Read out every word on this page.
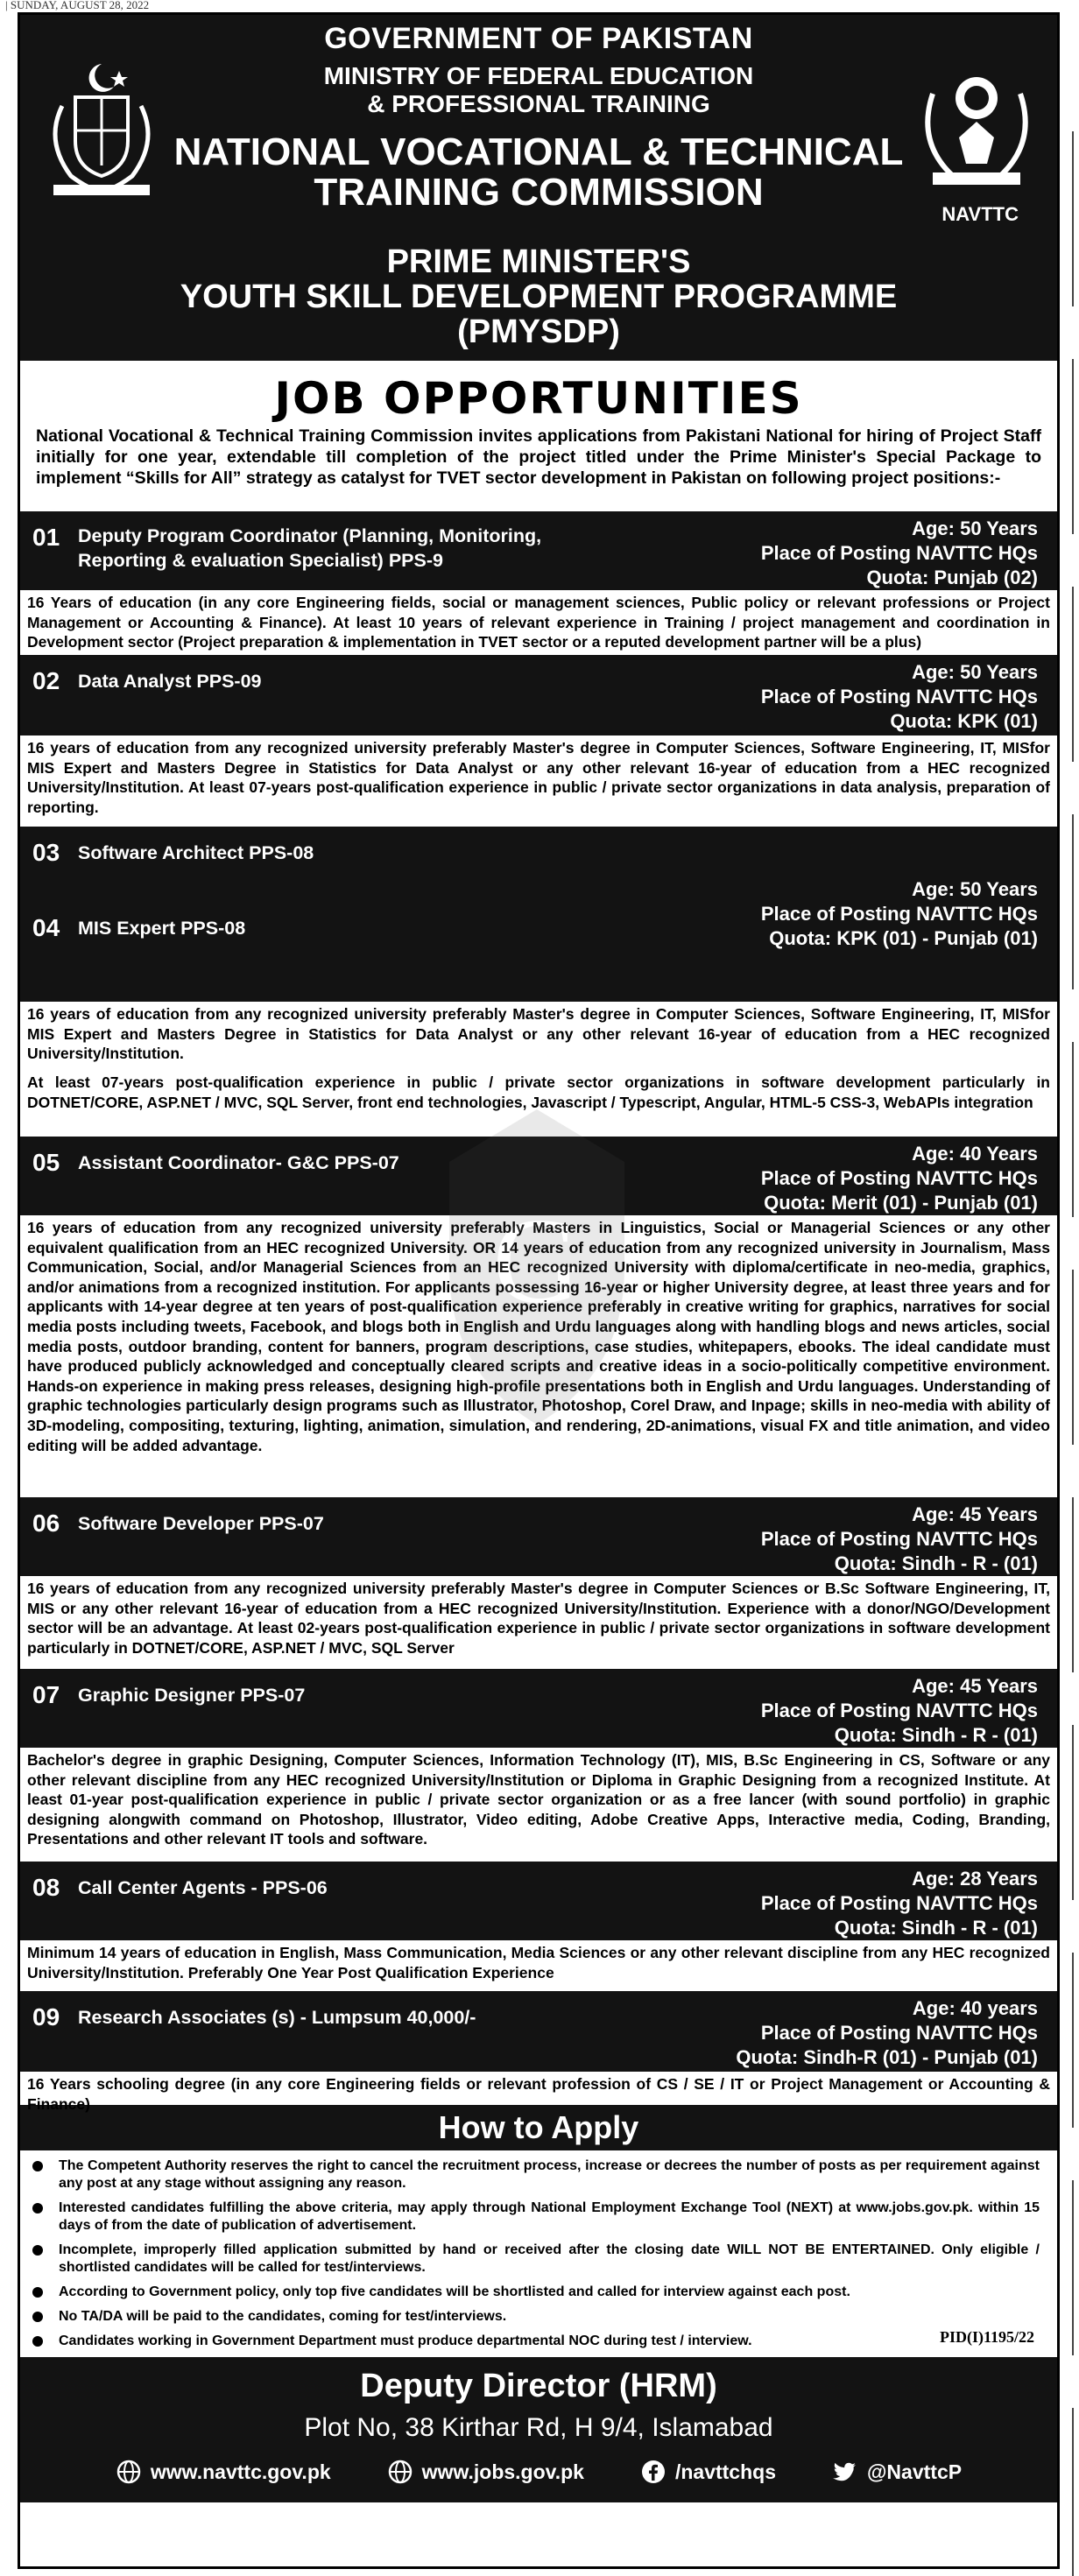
| SUNDAY, AUGUST 28, 2022
GOVERNMENT OF PAKISTAN
MINISTRY OF FEDERAL EDUCATION
& PROFESSIONAL TRAINING
NATIONAL VOCATIONAL & TECHNICAL
TRAINING COMMISSION
PRIME MINISTER'S
YOUTH SKILL DEVELOPMENT PROGRAMME
(PMYSDP)
NAVTTC
JOB OPPORTUNITIES
National Vocational & Technical Training Commission invites applications from Pakistani National for hiring of Project Staff initially for one year, extendable till completion of the project titled under the Prime Minister's Special Package to implement “Skills for All” strategy as catalyst for TVET sector development in Pakistan on following project positions:-
01 Deputy Program Coordinator (Planning, Monitoring,
Reporting & evaluation Specialist) PPS-9
Age: 50 Years
Place of Posting NAVTTC HQs
Quota: Punjab (02)
16 Years of education (in any core Engineering fields, social or management sciences, Public policy or relevant professions or Project Management or Accounting & Finance). At least 10 years of relevant experience in Training / project management and coordination in Development sector (Project preparation & implementation in TVET sector or a reputed development partner will be a plus)
02 Data Analyst PPS-09	Age: 50 Years
Place of Posting NAVTTC HQs
Quota: KPK (01)
16 years of education from any recognized university preferably Master's degree in Computer Sciences, Software Engineering, IT, MISfor MIS Expert and Masters Degree in Statistics for Data Analyst or any other relevant 16-year of education from a HEC recognized University/Institution. At least 07-years post-qualification experience in public / private sector organizations in data analysis, preparation of reporting.
03 Software Architect PPS-08
04 MIS Expert PPS-08
Age: 50 Years
Place of Posting NAVTTC HQs
Quota: KPK (01) - Punjab (01)
16 years of education from any recognized university preferably Master's degree in Computer Sciences, Software Engineering, IT, MISfor MIS Expert and Masters Degree in Statistics for Data Analyst or any other relevant 16-year of education from a HEC recognized University/Institution.
At least 07-years post-qualification experience in public / private sector organizations in software development particularly in DOTNET/CORE, ASP.NET / MVC, SQL Server, front end technologies, Javascript / Typescript, Angular, HTML-5 CSS-3, WebAPIs integration
05 Assistant Coordinator- G&C PPS-07	Age: 40 Years
Place of Posting NAVTTC HQs
Quota: Merit (01) - Punjab (01)
16 years of education from any recognized university preferably Masters in Linguistics, Social or Managerial Sciences or any other equivalent qualification from an HEC recognized University. OR 14 years of education from any recognized university in Journalism, Mass Communication, Social, and/or Managerial Sciences from an HEC recognized University with diploma/certificate in neo-media, graphics, and/or animations from a recognized institution. For applicants possessing 16-year or higher University degree, at least three years and for applicants with 14-year degree at ten years of post-qualification experience preferably in creative writing for graphics, narratives for social media posts including tweets, Facebook, and blogs both in English and Urdu languages along with handling blogs and news articles, social media posts, outdoor branding, content for banners, program descriptions, case studies, whitepapers, ebooks. The ideal candidate must have produced publicly acknowledged and conceptually cleared scripts and creative ideas in a socio-politically competitive environment. Hands-on experience in making press releases, designing high-profile presentations both in English and Urdu languages. Understanding of graphic technologies particularly design programs such as Illustrator, Photoshop, Corel Draw, and Inpage; skills in neo-media with ability of 3D-modeling, compositing, texturing, lighting, animation, simulation, and rendering, 2D-animations, visual FX and title animation, and video editing will be added advantage.
06 Software Developer PPS-07	Age: 45 Years
Place of Posting NAVTTC HQs
Quota: Sindh - R - (01)
16 years of education from any recognized university preferably Master's degree in Computer Sciences or B.Sc Software Engineering, IT, MIS or any other relevant 16-year of education from a HEC recognized University/Institution. Experience with a donor/NGO/Development sector will be an advantage. At least 02-years post-qualification experience in public / private sector organizations in software development particularly in DOTNET/CORE, ASP.NET / MVC, SQL Server
07 Graphic Designer PPS-07	Age: 45 Years
Place of Posting NAVTTC HQs
Quota: Sindh - R - (01)
Bachelor's degree in graphic Designing, Computer Sciences, Information Technology (IT), MIS, B.Sc Engineering in CS, Software or any other relevant discipline from any HEC recognized University/Institution or Diploma in Graphic Designing from a recognized Institute. At least 01-year post-qualification experience in public / private sector organization or as a free lancer (with sound portfolio) in graphic designing alongwith command on Photoshop, Illustrator, Video editing, Adobe Creative Apps, Interactive media, Coding, Branding, Presentations and other relevant IT tools and software.
08 Call Center Agents - PPS-06	Age: 28 Years
Place of Posting NAVTTC HQs
Quota: Sindh - R - (01)
Minimum 14 years of education in English, Mass Communication, Media Sciences or any other relevant discipline from any HEC recognized University/Institution. Preferably One Year Post Qualification Experience
09 Research Associates (s) - Lumpsum 40,000/-	Age: 40 years
Place of Posting NAVTTC HQs
Quota: Sindh-R (01) - Punjab (01)
16 Years schooling degree (in any core Engineering fields or relevant profession of CS / SE / IT or Project Management or Accounting & Finance)
How to Apply
The Competent Authority reserves the right to cancel the recruitment process, increase or decrees the number of posts as per requirement against any post at any stage without assigning any reason.
Interested candidates fulfilling the above criteria, may apply through National Employment Exchange Tool (NEXT) at www.jobs.gov.pk. within 15 days of from the date of publication of advertisement.
Incomplete, improperly filled application submitted by hand or received after the closing date WILL NOT BE ENTERTAINED. Only eligible / shortlisted candidates will be called for test/interviews.
According to Government policy, only top five candidates will be shortlisted and called for interview against each post.
No TA/DA will be paid to the candidates, coming for test/interviews.
Candidates working in Government Department must produce departmental NOC during test / interview.	PID(I)1195/22
Deputy Director (HRM)
Plot No, 38 Kirthar Rd, H 9/4, Islamabad
www.navttc.gov.pk	www.jobs.gov.pk	/navttchqs	@NavttcP
G
